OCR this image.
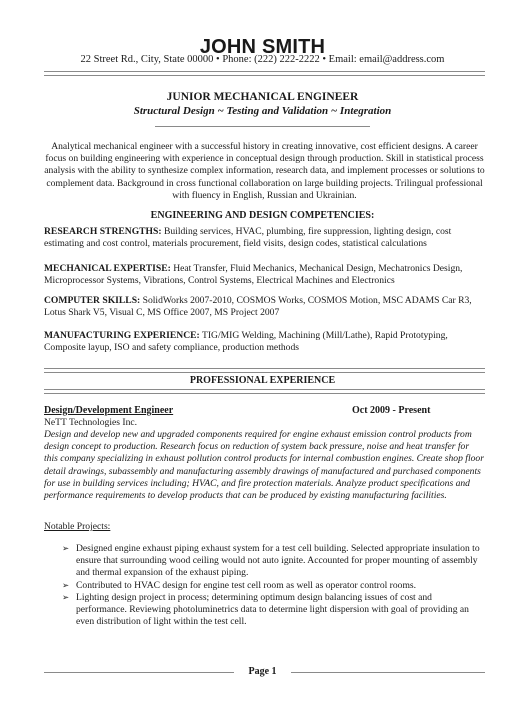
JOHN SMITH
22 Street Rd., City, State 00000 • Phone: (222) 222-2222 • Email: email@address.com
JUNIOR MECHANICAL ENGINEER
Structural Design ~ Testing and Validation ~ Integration
Analytical mechanical engineer with a successful history in creating innovative, cost efficient designs. A career focus on building engineering with experience in conceptual design through production. Skill in statistical process analysis with the ability to synthesize complex information, research data, and implement processes or solutions to complement data. Background in cross functional collaboration on large building projects. Trilingual professional with fluency in English, Russian and Ukrainian.
ENGINEERING AND DESIGN COMPETENCIES:
RESEARCH STRENGTHS: Building services, HVAC, plumbing, fire suppression, lighting design, cost estimating and cost control, materials procurement, field visits, design codes, statistical calculations
MECHANICAL EXPERTISE: Heat Transfer, Fluid Mechanics, Mechanical Design, Mechatronics Design, Microprocessor Systems, Vibrations, Control Systems, Electrical Machines and Electronics
COMPUTER SKILLS: SolidWorks 2007-2010, COSMOS Works, COSMOS Motion, MSC ADAMS Car R3, Lotus Shark V5, Visual C, MS Office 2007, MS Project 2007
MANUFACTURING EXPERIENCE: TIG/MIG Welding, Machining (Mill/Lathe), Rapid Prototyping, Composite layup, ISO and safety compliance, production methods
PROFESSIONAL EXPERIENCE
Design/Development Engineer	Oct 2009 - Present
NeTT Technologies Inc.
Design and develop new and upgraded components required for engine exhaust emission control products from design concept to production. Research focus on reduction of system back pressure, noise and heat transfer for this company specializing in exhaust pollution control products for internal combustion engines. Create shop floor detail drawings, subassembly and manufacturing assembly drawings of manufactured and purchased components for use in building services including; HVAC, and fire protection materials. Analyze product specifications and performance requirements to develop products that can be produced by existing manufacturing facilities.
Notable Projects:
➢ Designed engine exhaust piping exhaust system for a test cell building. Selected appropriate insulation to ensure that surrounding wood ceiling would not auto ignite. Accounted for proper mounting of assembly and thermal expansion of the exhaust piping.
➢ Contributed to HVAC design for engine test cell room as well as operator control rooms.
➢ Lighting design project in process; determining optimum design balancing issues of cost and performance. Reviewing photoluminetrics data to determine light dispersion with goal of providing an even distribution of light within the test cell.
Page 1
